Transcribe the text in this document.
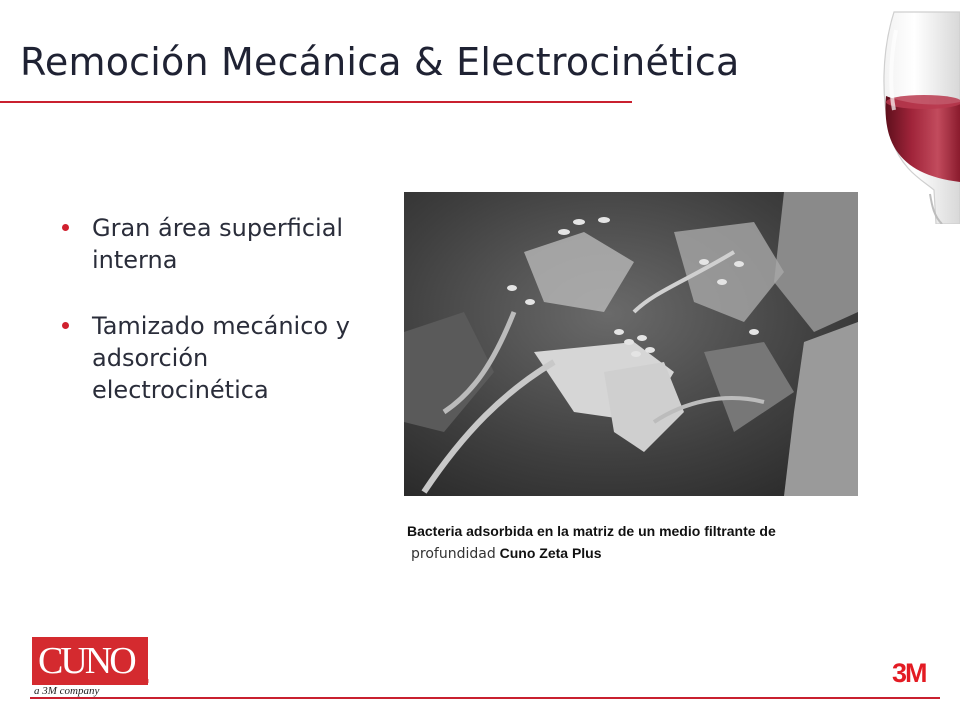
Remoción Mecánica & Electrocinética
Gran área superficial interna
Tamizado mecánico y adsorción electrocinética
Bacteria adsorbida en la matriz de un medio filtrante de
profundidad Cuno Zeta Plus
CUNO ®
a 3M company
3M
